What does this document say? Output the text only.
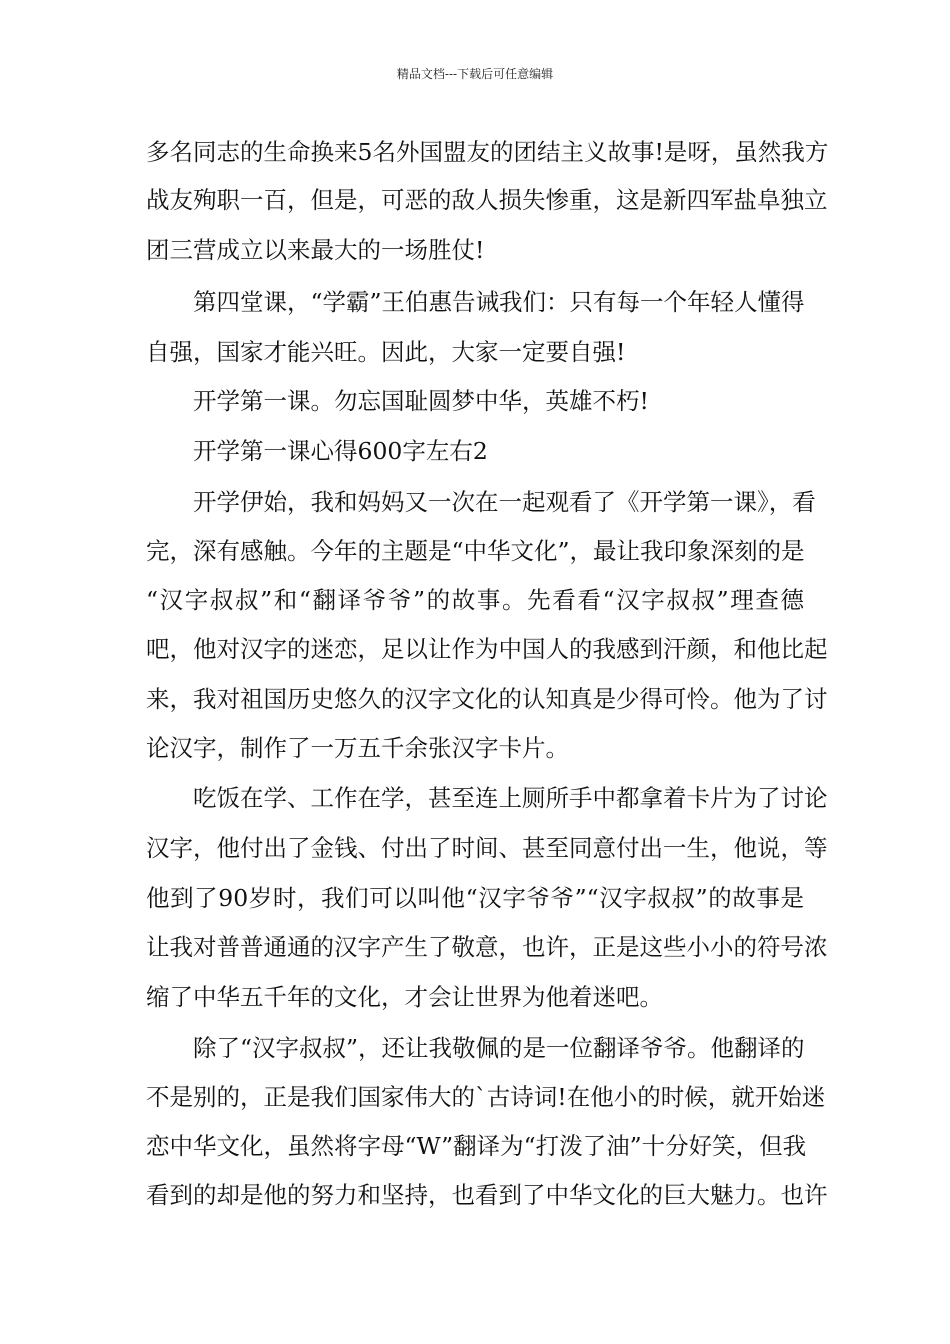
精品文档---下载后可任意编辑
多名同志的生命换来5名外国盟友的团结主义故事!是呀，虽然我方
战友殉职一百，但是，可恶的敌人损失惨重，这是新四军盐阜独立
团三营成立以来最大的一场胜仗!
第四堂课，“学霸”王伯惠告诫我们：只有每一个年轻人懂得
自强，国家才能兴旺。因此，大家一定要自强!
开学第一课。勿忘国耻圆梦中华，英雄不朽!
开学第一课心得600字左右2
开学伊始，我和妈妈又一次在一起观看了《开学第一课》，看
完，深有感触。今年的主题是“中华文化”，最让我印象深刻的是
“汉字叔叔”和“翻译爷爷”的故事。先看看“汉字叔叔”理查德
吧，他对汉字的迷恋，足以让作为中国人的我感到汗颜，和他比起
来，我对祖国历史悠久的汉字文化的认知真是少得可怜。他为了讨
论汉字，制作了一万五千余张汉字卡片。
吃饭在学、工作在学，甚至连上厕所手中都拿着卡片为了讨论
汉字，他付出了金钱、付出了时间、甚至同意付出一生，他说，等
他到了90岁时，我们可以叫他“汉字爷爷”“汉字叔叔”的故事是
让我对普普通通的汉字产生了敬意，也许，正是这些小小的符号浓
缩了中华五千年的文化，才会让世界为他着迷吧。
除了“汉字叔叔”，还让我敬佩的是一位翻译爷爷。他翻译的
不是别的，正是我们国家伟大的`古诗词!在他小的时候，就开始迷
恋中华文化，虽然将字母“W”翻译为“打泼了油”十分好笑，但我
看到的却是他的努力和坚持，也看到了中华文化的巨大魅力。也许
